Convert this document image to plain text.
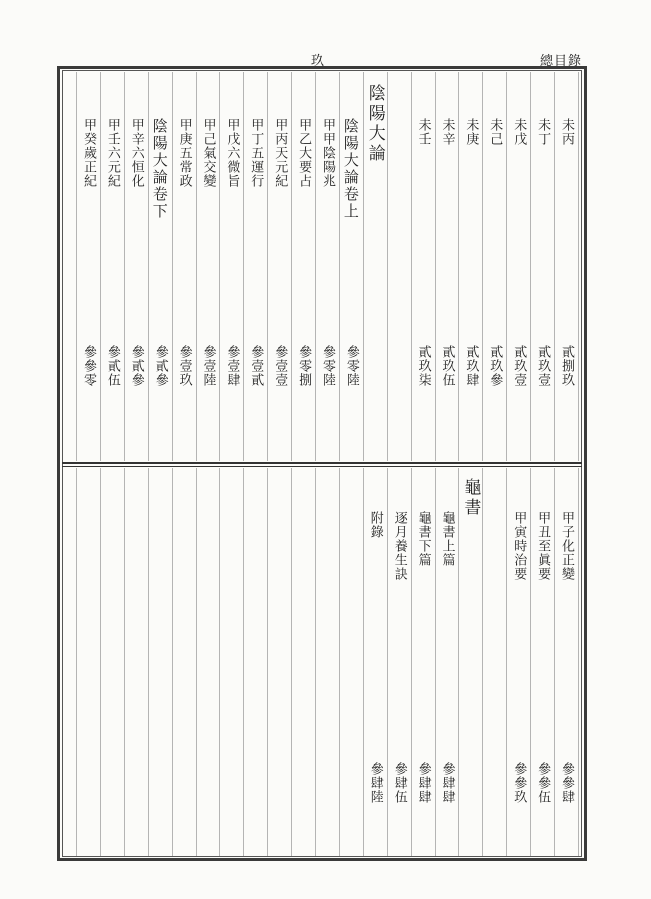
玖	總目錄
未丙
貳捌玖
未丁
貳玖壹
未戊
貳玖壹
未己
貳玖參
未庚
貳玖肆
未辛
貳玖伍
未壬
貳玖柒
陰陽大論
陰陽大論卷上
參零陸
甲甲陰陽兆
參零陸
甲乙大要占
參零捌
甲丙天元紀
參壹壹
甲丁五運行
參壹貳
甲戊六微旨
參壹肆
甲己氣交變
參壹陸
甲庚五常政
參壹玖
陰陽大論卷下
參貳參
甲辛六恒化
參貳參
甲壬六元紀
參貳伍
甲癸歲正紀
參參零
甲子化正變
參參肆
甲丑至眞要
參參伍
甲寅時治要
參參玖
龜書
龜書上篇
參肆肆
龜書下篇
參肆肆
逐月養生訣
參肆伍
附錄
參肆陸
